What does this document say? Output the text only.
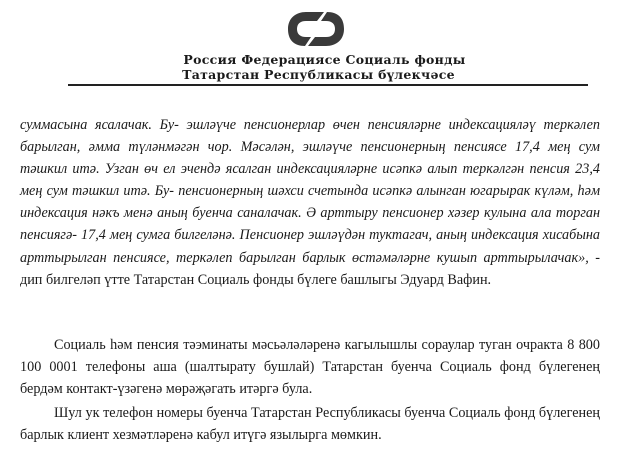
Россия Федерациясе Социаль фонды
Татарстан Республикасы бүлекчәсе
суммасына ясалачак. Бу- эшләүче пенсионерлар өчен пенсияләрне индексацияләү теркәлеп барылган, әмма түләнмәгән чор. Мәсәлән, эшләүче пенсионерның пенсиясе 17,4 мең сум тәшкил итә. Узган өч ел эчендә ясалган индексацияләрне исәпкә алып теркәлгән пенсия 23,4 мең сум тәшкил итә. Бу- пенсионерның шәхси счетында исәпкә алынган югарырак күләм, һәм индексация нәкъ менә аның буенча саналачак. Ә арттыру пенсионер хәзер кулына ала торган пенсиягә- 17,4 мең сумга билгеләнә. Пенсионер эшләүдән туктагач, аның индексация хисабына арттырылган пенсиясе, теркәлеп барылган барлык өстәмәләрне кушып арттырылачак», - дип билгеләп үтте Татарстан Социаль фонды бүлеге башлыгы Эдуард Вафин.
Социаль һәм пенсия тәэминаты мәсьәләләренә кагылышлы сораулар туган очракта 8 800 100 0001 телефоны аша (шалтырату бушлай) Татарстан буенча Социаль фонд бүлегенең бердәм контакт-үзәгенә мөрәҗәгать итәргә була.
Шул ук телефон номеры буенча Татарстан Республикасы буенча Социаль фонд бүлегенең барлык клиент хезмәтләренә кабул итүгә язылырга мөмкин.
